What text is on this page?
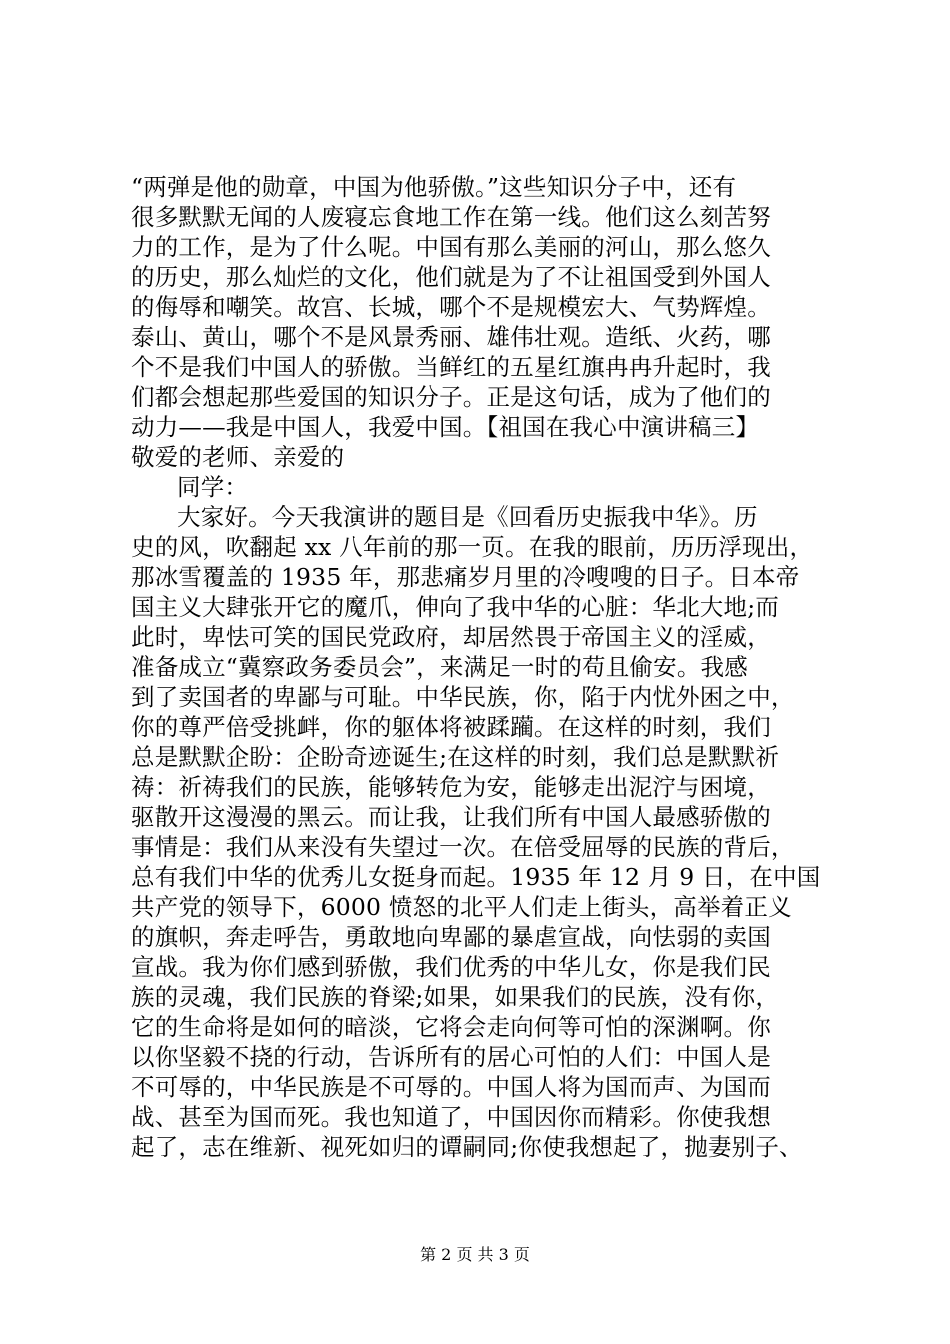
“两弹是他的勋章，中国为他骄傲。”这些知识分子中，还有
很多默默无闻的人废寝忘食地工作在第一线。他们这么刻苦努
力的工作，是为了什么呢。中国有那么美丽的河山，那么悠久
的历史，那么灿烂的文化，他们就是为了不让祖国受到外国人
的侮辱和嘲笑。故宫、长城，哪个不是规模宏大、气势辉煌。
泰山、黄山，哪个不是风景秀丽、雄伟壮观。造纸、火药，哪
个不是我们中国人的骄傲。当鲜红的五星红旗冉冉升起时，我
们都会想起那些爱国的知识分子。正是这句话，成为了他们的
动力——我是中国人，我爱中国。【祖国在我心中演讲稿三】
敬爱的老师、亲爱的
同学：
大家好。今天我演讲的题目是《回看历史振我中华》。历
史的风，吹翻起 xx 八年前的那一页。在我的眼前，历历浮现出，
那冰雪覆盖的 1935 年，那悲痛岁月里的冷嗖嗖的日子。日本帝
国主义大肆张开它的魔爪，伸向了我中华的心脏：华北大地;而
此时，卑怯可笑的国民党政府，却居然畏于帝国主义的淫威，
准备成立“冀察政务委员会”，来满足一时的苟且偷安。我感
到了卖国者的卑鄙与可耻。中华民族，你，陷于内忧外困之中，
你的尊严倍受挑衅，你的躯体将被蹂躏。在这样的时刻，我们
总是默默企盼：企盼奇迹诞生;在这样的时刻，我们总是默默祈
祷：祈祷我们的民族，能够转危为安，能够走出泥泞与困境，
驱散开这漫漫的黑云。而让我，让我们所有中国人最感骄傲的
事情是：我们从来没有失望过一次。在倍受屈辱的民族的背后，
总有我们中华的优秀儿女挺身而起。1935 年 12 月 9 日，在中国
共产党的领导下，6000 愤怒的北平人们走上街头，高举着正义
的旗帜，奔走呼告，勇敢地向卑鄙的暴虐宣战，向怯弱的卖国
宣战。我为你们感到骄傲，我们优秀的中华儿女，你是我们民
族的灵魂，我们民族的脊梁;如果，如果我们的民族，没有你，
它的生命将是如何的暗淡，它将会走向何等可怕的深渊啊。你
以你坚毅不挠的行动，告诉所有的居心可怕的人们：中国人是
不可辱的，中华民族是不可辱的。中国人将为国而声、为国而
战、甚至为国而死。我也知道了，中国因你而精彩。你使我想
起了，志在维新、视死如归的谭嗣同;你使我想起了，抛妻别子、
第 2 页 共 3 页
